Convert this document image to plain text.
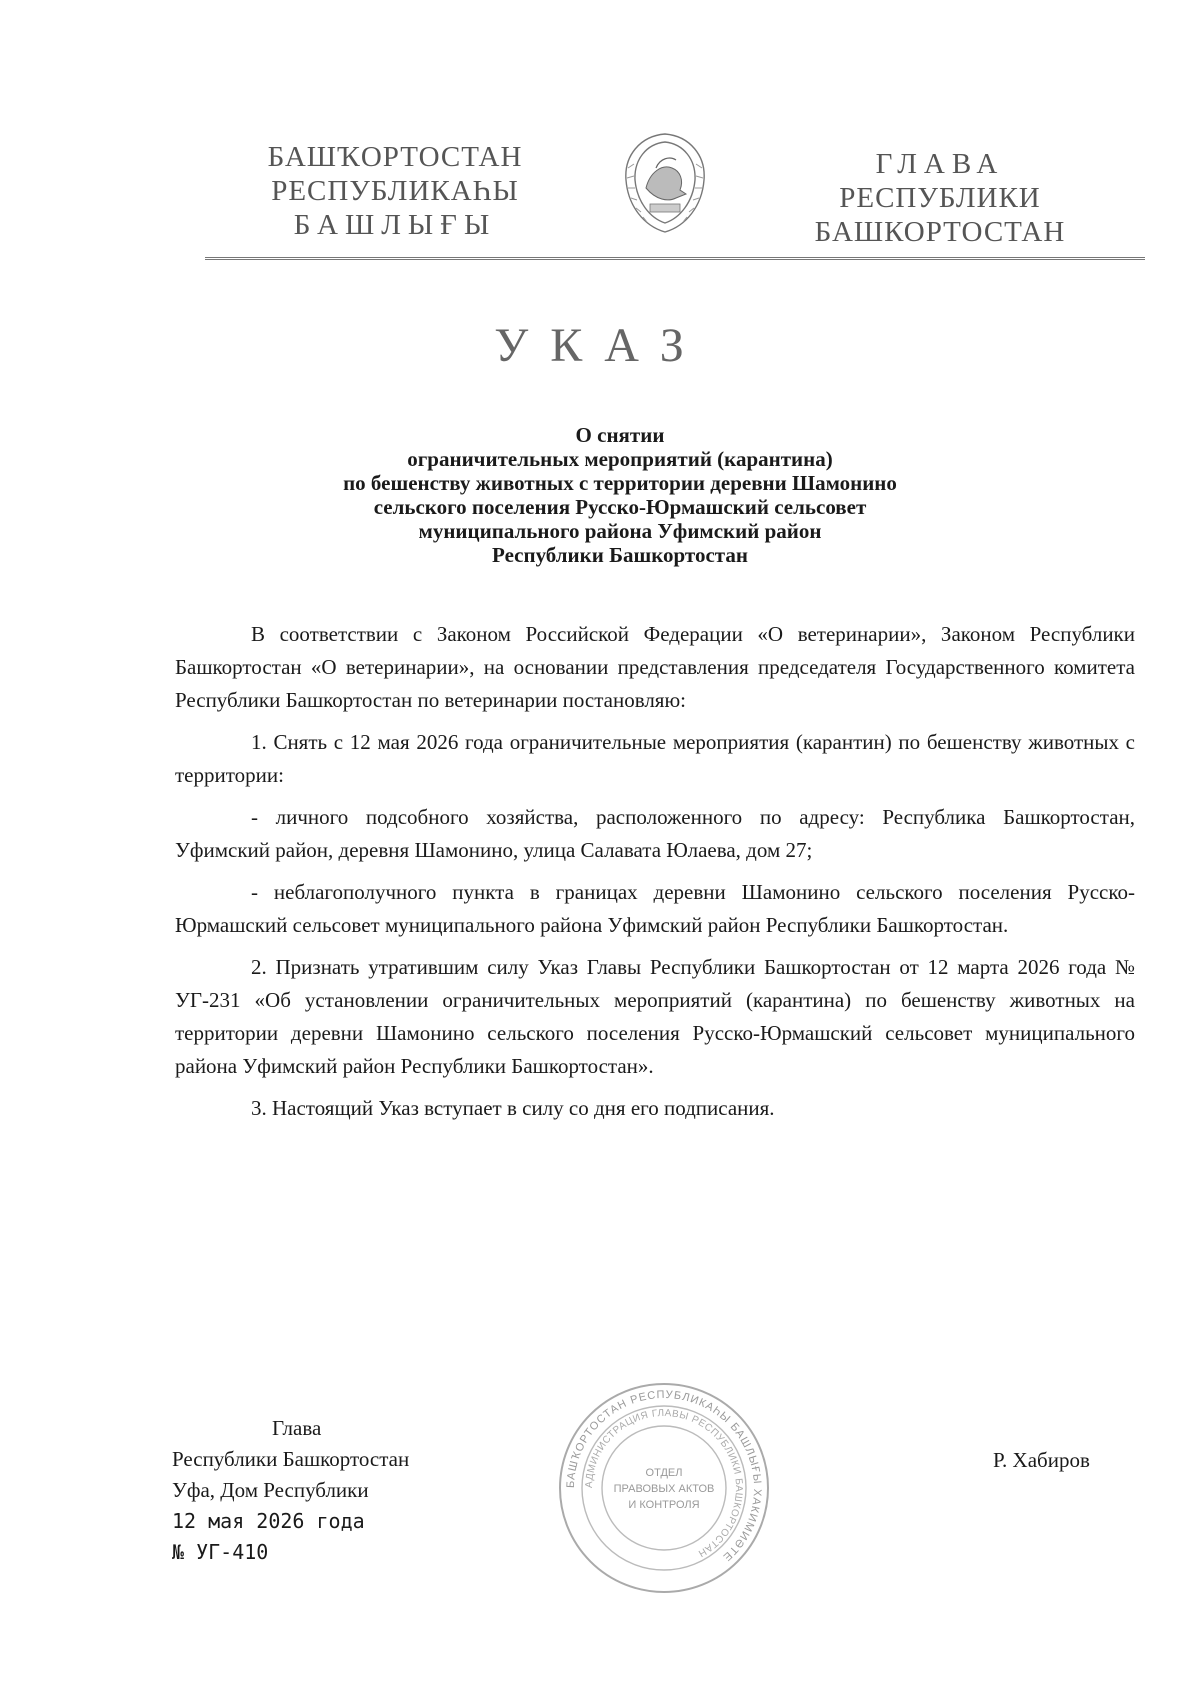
БАШҠОРТОСТАН
РЕСПУБЛИКАҺЫ
БАШЛЫҒЫ
ГЛАВА
РЕСПУБЛИКИ
БАШКОРТОСТАН
УКАЗ
О снятии
ограничительных мероприятий (карантина)
по бешенству животных с территории деревни Шамонино
сельского поселения Русско-Юрмашский сельсовет
муниципального района Уфимский район
Республики Башкортостан

В соответствии с Законом Российской Федерации «О ветеринарии», Законом Республики Башкортостан «О ветеринарии», на основании представления председателя Государственного комитета Республики Башкортостан по ветеринарии постановляю:

1. Снять с 12 мая 2026 года ограничительные мероприятия (карантин) по бешенству животных с территории:

- личного подсобного хозяйства, расположенного по адресу: Республика Башкортостан, Уфимский район, деревня Шамонино, улица Салавата Юлаева, дом 27;

- неблагополучного пункта в границах деревни Шамонино сельского поселения Русско-Юрмашский сельсовет муниципального района Уфимский район Республики Башкортостан.

2. Признать утратившим силу Указ Главы Республики Башкортостан от 12 марта 2026 года № УГ-231 «Об установлении ограничительных мероприятий (карантина) по бешенству животных на территории деревни Шамонино сельского поселения Русско-Юрмашский сельсовет муниципального района Уфимский район Республики Башкортостан».

3. Настоящий Указ вступает в силу со дня его подписания.

Глава
Республики Башкортостан
Уфа, Дом Республики
12 мая 2026 года
№ УГ-410
БАШҠОРТОСТАН РЕСПУБЛИКАҺЫ БАШЛЫҒЫ ХАКИМИӘТЕ
АДМИНИСТРАЦИЯ ГЛАВЫ РЕСПУБЛИКИ БАШКОРТОСТАН
ОТДЕЛ
ПРАВОВЫХ АКТОВ
И КОНТРОЛЯ
Р. Хабиров
